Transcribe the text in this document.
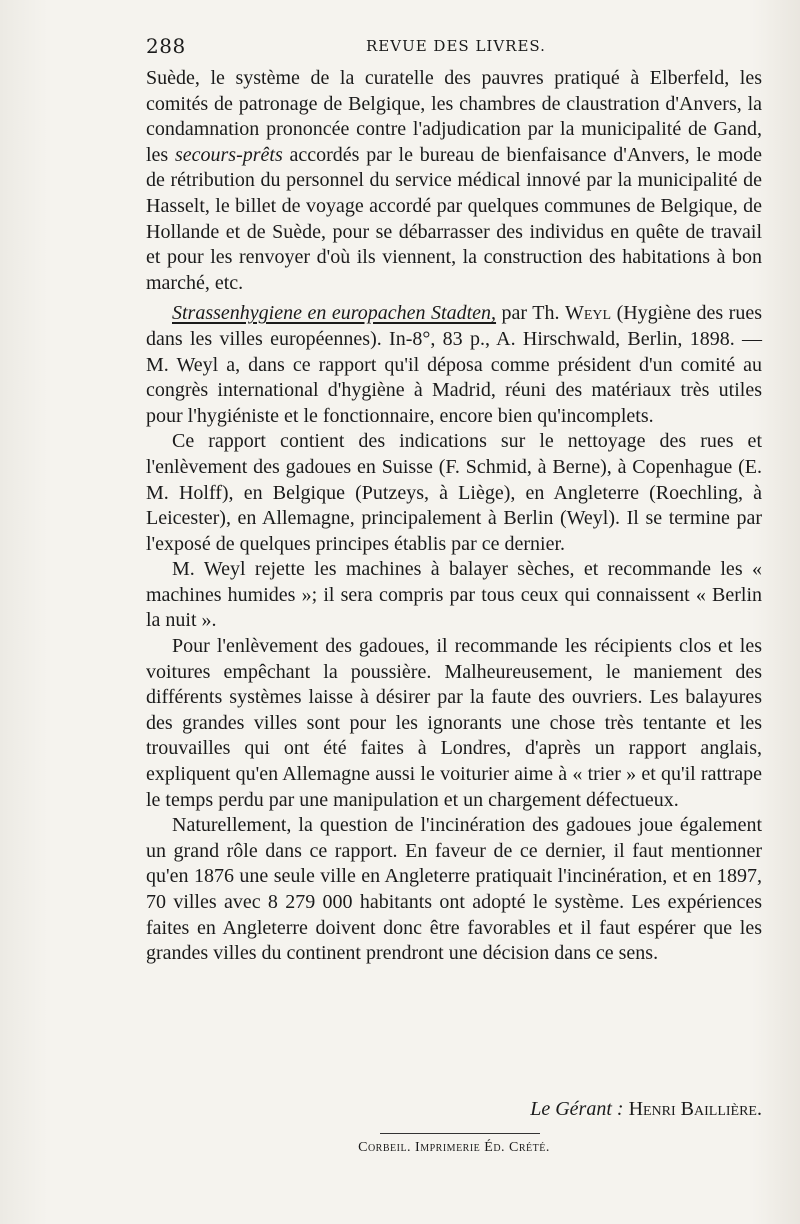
288	REVUE DES LIVRES.

Suède, le système de la curatelle des pauvres pratiqué à Elberfeld, les comités de patronage de Belgique, les chambres de claustration d'Anvers, la condamnation prononcée contre l'adjudication par la municipalité de Gand, les secours-prêts accordés par le bureau de bienfaisance d'Anvers, le mode de rétribution du personnel du service médical innové par la municipalité de Hasselt, le billet de voyage accordé par quelques communes de Belgique, de Hollande et de Suède, pour se débarrasser des individus en quête de travail et pour les renvoyer d'où ils viennent, la construction des habitations à bon marché, etc.

Strassenhygiene en europachen Stadten, par Th. Weyl (Hygiène des rues dans les villes européennes). In-8°, 83 p., A. Hirschwald, Berlin, 1898. — M. Weyl a, dans ce rapport qu'il déposa comme président d'un comité au congrès international d'hygiène à Madrid, réuni des matériaux très utiles pour l'hygiéniste et le fonctionnaire, encore bien qu'incomplets.

Ce rapport contient des indications sur le nettoyage des rues et l'enlèvement des gadoues en Suisse (F. Schmid, à Berne), à Copenhague (E. M. Holff), en Belgique (Putzeys, à Liège), en Angleterre (Roechling, à Leicester), en Allemagne, principalement à Berlin (Weyl). Il se termine par l'exposé de quelques principes établis par ce dernier.

M. Weyl rejette les machines à balayer sèches, et recommande les « machines humides »; il sera compris par tous ceux qui connaissent « Berlin la nuit ».

Pour l'enlèvement des gadoues, il recommande les récipients clos et les voitures empêchant la poussière. Malheureusement, le maniement des différents systèmes laisse à désirer par la faute des ouvriers. Les balayures des grandes villes sont pour les ignorants une chose très tentante et les trouvailles qui ont été faites à Londres, d'après un rapport anglais, expliquent qu'en Allemagne aussi le voiturier aime à « trier » et qu'il rattrape le temps perdu par une manipulation et un chargement défectueux.

Naturellement, la question de l'incinération des gadoues joue également un grand rôle dans ce rapport. En faveur de ce dernier, il faut mentionner qu'en 1876 une seule ville en Angleterre pratiquait l'incinération, et en 1897, 70 villes avec 8 279 000 habitants ont adopté le système. Les expériences faites en Angleterre doivent donc être favorables et il faut espérer que les grandes villes du continent prendront une décision dans ce sens.

Le Gérant : Henri Baillière.
Corbeil. Imprimerie Éd. Crété.
